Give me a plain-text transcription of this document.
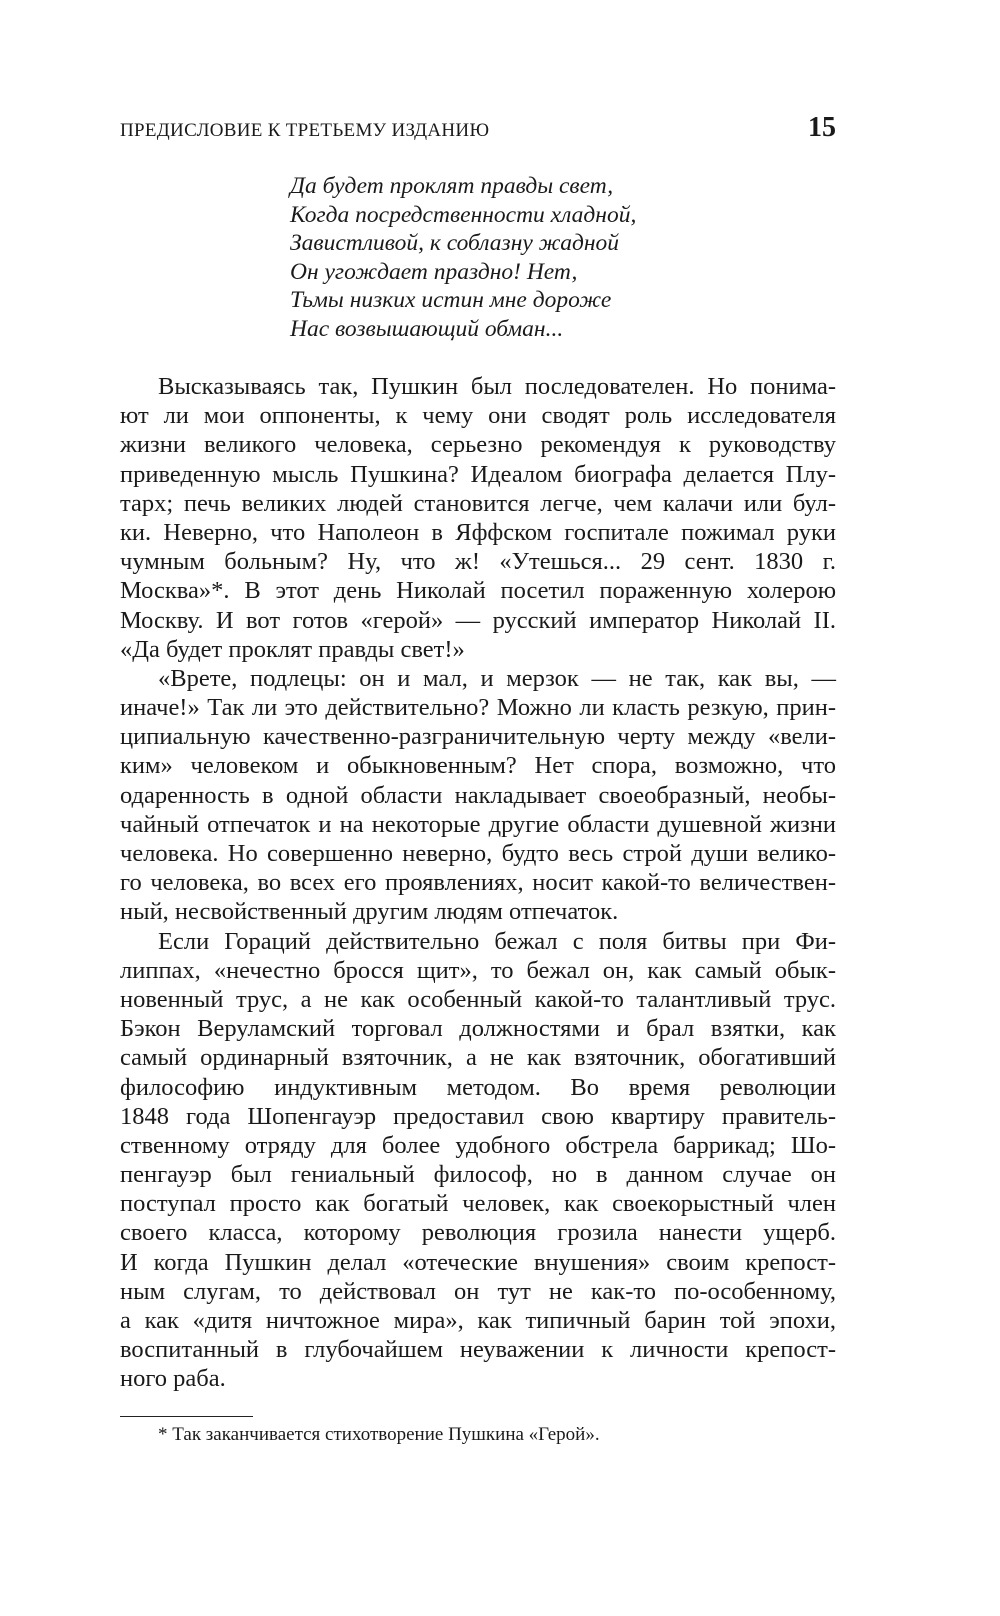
ПРЕДИСЛОВИЕ К ТРЕТЬЕМУ ИЗДАНИЮ	15
Да будет проклят правды свет,
Когда посредственности хладной,
Завистливой, к соблазну жадной
Он угождает праздно! Нет,
Тьмы низких истин мне дороже
Нас возвышающий обман...
Высказываясь так, Пушкин был последователен. Но понима-
ют ли мои оппоненты, к чему они сводят роль исследователя
жизни великого человека, серьезно рекомендуя к руководству
приведенную мысль Пушкина? Идеалом биографа делается Плу-
тарх; печь великих людей становится легче, чем калачи или бул-
ки. Неверно, что Наполеон в Яффском госпитале пожимал руки
чумным больным? Ну, что ж! «Утешься... 29 сент. 1830 г.
Москва»*. В этот день Николай посетил пораженную холерою
Москву. И вот готов «герой» — русский император Николай II.
«Да будет проклят правды свет!»
«Врете, подлецы: он и мал, и мерзок — не так, как вы, —
иначе!» Так ли это действительно? Можно ли класть резкую, прин-
ципиальную качественно-разграничительную черту между «вели-
ким» человеком и обыкновенным? Нет спора, возможно, что
одаренность в одной области накладывает своеобразный, необы-
чайный отпечаток и на некоторые другие области душевной жизни
человека. Но совершенно неверно, будто весь строй души велико-
го человека, во всех его проявлениях, носит какой-то величествен-
ный, несвойственный другим людям отпечаток.
Если Гораций действительно бежал с поля битвы при Фи-
липпах, «нечестно бросся щит», то бежал он, как самый обык-
новенный трус, а не как особенный какой-то талантливый трус.
Бэкон Веруламский торговал должностями и брал взятки, как
самый ординарный взяточник, а не как взяточник, обогативший
философию индуктивным методом. Во время революции
1848 года Шопенгауэр предоставил свою квартиру правитель-
ственному отряду для более удобного обстрела баррикад; Шо-
пенгауэр был гениальный философ, но в данном случае он
поступал просто как богатый человек, как своекорыстный член
своего класса, которому революция грозила нанести ущерб.
И когда Пушкин делал «отеческие внушения» своим крепост-
ным слугам, то действовал он тут не как-то по-особенному,
а как «дитя ничтожное мира», как типичный барин той эпохи,
воспитанный в глубочайшем неуважении к личности крепост-
ного раба.
* Так заканчивается стихотворение Пушкина «Герой».
